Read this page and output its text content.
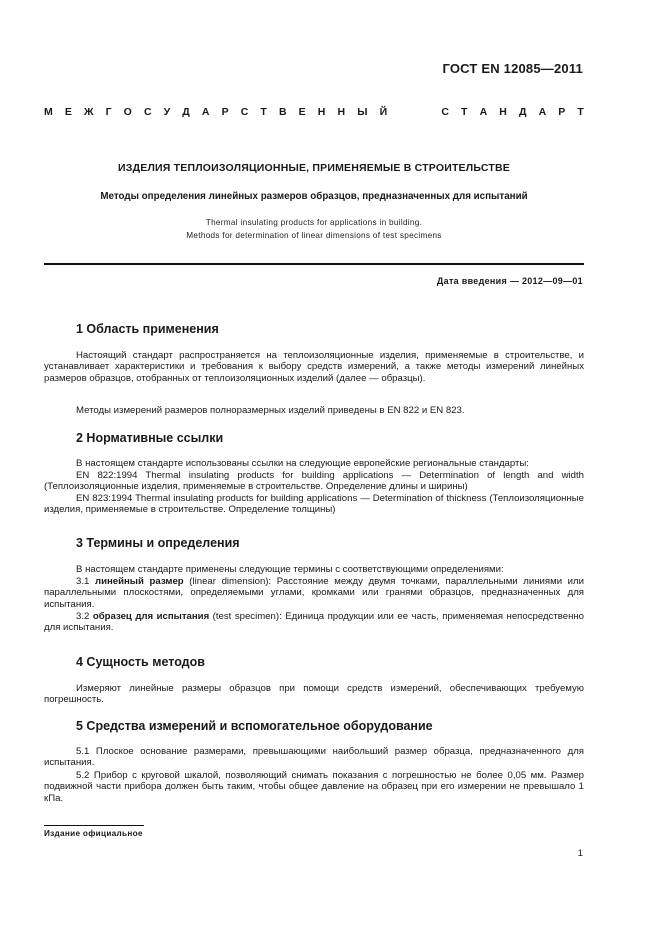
ГОСТ EN 12085—2011
М Е Ж Г О С У Д А Р С Т В Е Н Н Ы Й	С Т А Н Д А Р Т
ИЗДЕЛИЯ ТЕПЛОИЗОЛЯЦИОННЫЕ, ПРИМЕНЯЕМЫЕ В СТРОИТЕЛЬСТВЕ
Методы определения линейных размеров образцов, предназначенных для испытаний
Thermal insulating products for applications in building.
Methods for determination of linear dimensions of test specimens
Дата введения — 2012—09—01
1 Область применения
Настоящий стандарт распространяется на теплоизоляционные изделия, применяемые в строительстве, и устанавливает характеристики и требования к выбору средств измерений, а также методы измерений линейных размеров образцов, отобранных от теплоизоляционных изделий (далее — образцы).
Методы измерений размеров полноразмерных изделий приведены в EN 822 и EN 823.
2 Нормативные ссылки
В настоящем стандарте использованы ссылки на следующие европейские региональные стандарты:
EN 822:1994 Thermal insulating products for building applications — Determination of length and width (Теплоизоляционные изделия, применяемые в строительстве. Определение длины и ширины)
EN 823:1994 Thermal insulating products for building applications — Determination of thickness (Теплоизоляционные изделия, применяемые в строительстве. Определение толщины)
3 Термины и определения
В настоящем стандарте применены следующие термины с соответствующими определениями:
3.1 линейный размер (linear dimension): Расстояние между двумя точками, параллельными линиями или параллельными плоскостями, определяемыми углами, кромками или гранями образцов, предназначенных для испытания.
3.2 образец для испытания (test specimen): Единица продукции или ее часть, применяемая непосредственно для испытания.
4 Сущность методов
Измеряют линейные размеры образцов при помощи средств измерений, обеспечивающих требуемую погрешность.
5 Средства измерений и вспомогательное оборудование
5.1 Плоское основание размерами, превышающими наибольший размер образца, предназначенного для испытания.
5.2 Прибор с круговой шкалой, позволяющий снимать показания с погрешностью не более 0,05 мм. Размер подвижной части прибора должен быть таким, чтобы общее давление на образец при его измерении не превышало 1 кПа.
Издание официальное
1
